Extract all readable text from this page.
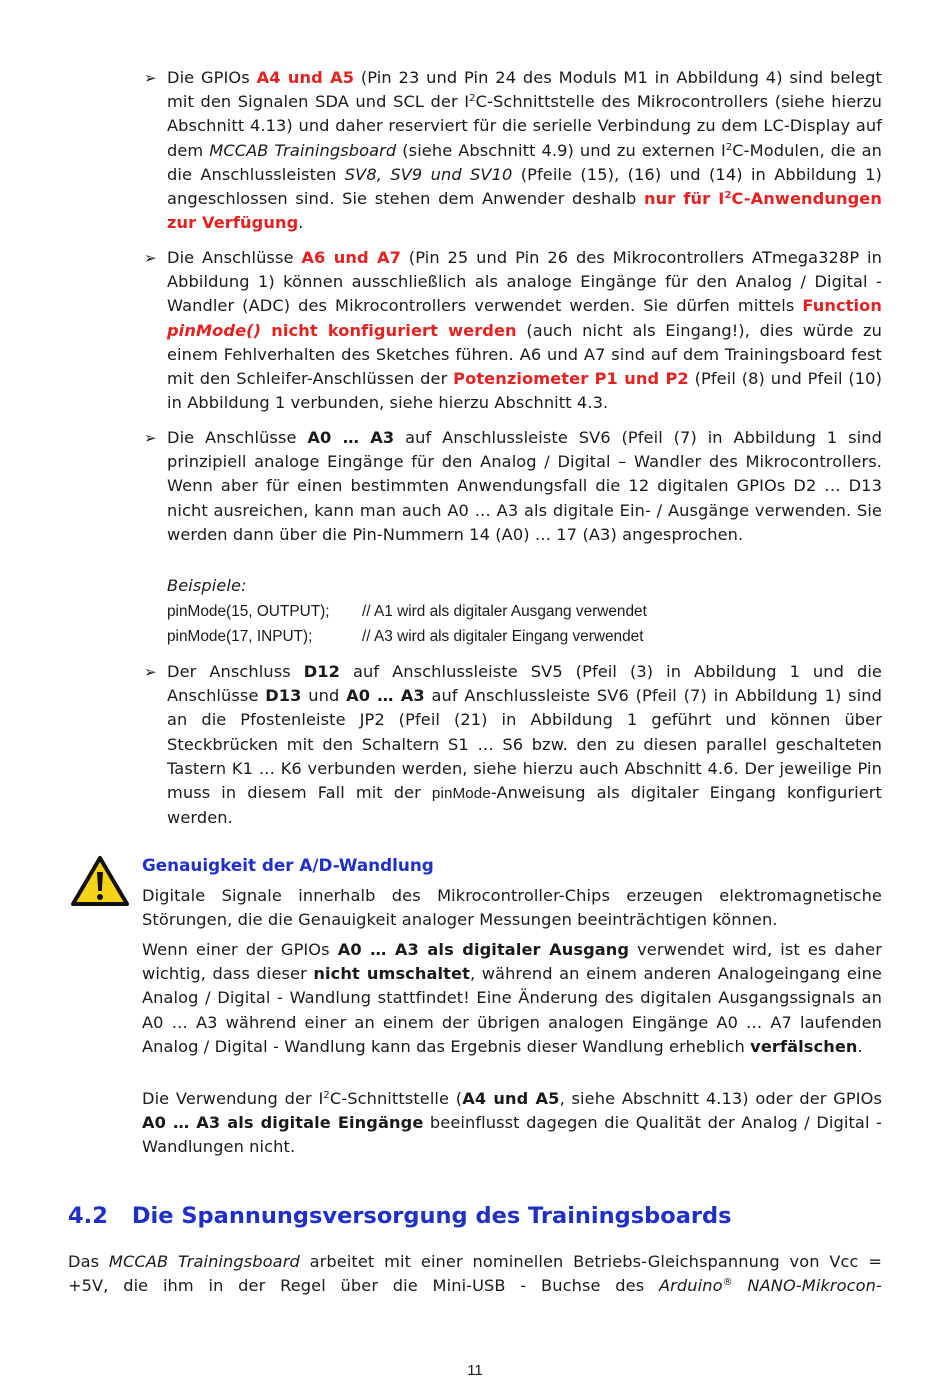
➢ Die GPIOs A4 und A5 (Pin 23 und Pin 24 des Moduls M1 in Abbildung 4) sind belegt mit den Signalen SDA und SCL der $I^2C$-Schnittstelle des Mikrocontrollers (siehe hierzu Abschnitt 4.13) und daher reserviert für die serielle Verbindung zu dem LC-Display auf dem MCCAB Trainingsboard (siehe Abschnitt 4.9) und zu externen $I^2C$-Modulen, die an die Anschlussleisten SV8, SV9 und SV10 (Pfeile (15), (16) und (14) in Abbildung 1) angeschlossen sind. Sie stehen dem Anwender deshalb nur für $I^2C$-Anwendungen zur Verfügung.
➢ Die Anschlüsse A6 und A7 (Pin 25 und Pin 26 des Mikrocontrollers ATmega328P in Abbildung 1) können ausschließlich als analoge Eingänge für den Analog / Digital - Wandler (ADC) des Mikrocontrollers verwendet werden. Sie dürfen mittels Function pinMode() nicht konfiguriert werden (auch nicht als Eingang!), dies würde zu einem Fehlverhalten des Sketches führen. A6 und A7 sind auf dem Trainingsboard fest mit den Schleifer-Anschlüssen der Potenziometer P1 und P2 (Pfeil (8) und Pfeil (10) in Abbildung 1 verbunden, siehe hierzu Abschnitt 4.3.
➢ Die Anschlüsse A0 … A3 auf Anschlussleiste SV6 (Pfeil (7) in Abbildung 1 sind prinzipiell analoge Eingänge für den Analog / Digital – Wandler des Mikrocontrollers. Wenn aber für einen bestimmten Anwendungsfall die 12 digitalen GPIOs D2 … D13 nicht ausreichen, kann man auch A0 … A3 als digitale Ein- / Ausgänge verwenden. Sie werden dann über die Pin-Nummern 14 (A0) … 17 (A3) angesprochen.
Beispiele:
pinMode(15, OUTPUT); // A1 wird als digitaler Ausgang verwendet
pinMode(17, INPUT);	// A3 wird als digitaler Eingang verwendet
➢ Der Anschluss D12 auf Anschlussleiste SV5 (Pfeil (3) in Abbildung 1 und die Anschlüsse D13 und A0 … A3 auf Anschlussleiste SV6 (Pfeil (7) in Abbildung 1) sind an die Pfostenleiste JP2 (Pfeil (21) in Abbildung 1 geführt und können über Steckbrücken mit den Schaltern S1 … S6 bzw. den zu diesen parallel geschalteten Tastern K1 … K6 verbunden werden, siehe hierzu auch Abschnitt 4.6. Der jeweilige Pin muss in diesem Fall mit der pinMode-Anweisung als digitaler Eingang konfiguriert werden.
Genauigkeit der A/D-Wandlung
Digitale Signale innerhalb des Mikrocontroller-Chips erzeugen elektromagnetische Störungen, die die Genauigkeit analoger Messungen beeinträchtigen können.
Wenn einer der GPIOs A0 … A3 als digitaler Ausgang verwendet wird, ist es daher wichtig, dass dieser nicht umschaltet, während an einem anderen Analogeingang eine Analog / Digital - Wandlung stattfindet! Eine Änderung des digitalen Ausgangssignals an A0 … A3 während einer an einem der übrigen analogen Eingänge A0 … A7 laufenden Analog / Digital - Wandlung kann das Ergebnis dieser Wandlung erheblich verfälschen.
Die Verwendung der $I^2C$-Schnittstelle (A4 und A5, siehe Abschnitt 4.13) oder der GPIOs A0 … A3 als digitale Eingänge beeinflusst dagegen die Qualität der Analog / Digital - Wandlungen nicht.
4.2 Die Spannungsversorgung des Trainingsboards
Das MCCAB Trainingsboard arbeitet mit einer nominellen Betriebs-Gleichspannung von Vcc = +5V, die ihm in der Regel über die Mini-USB - Buchse des Arduino® NANO-Mikrocon-
11
